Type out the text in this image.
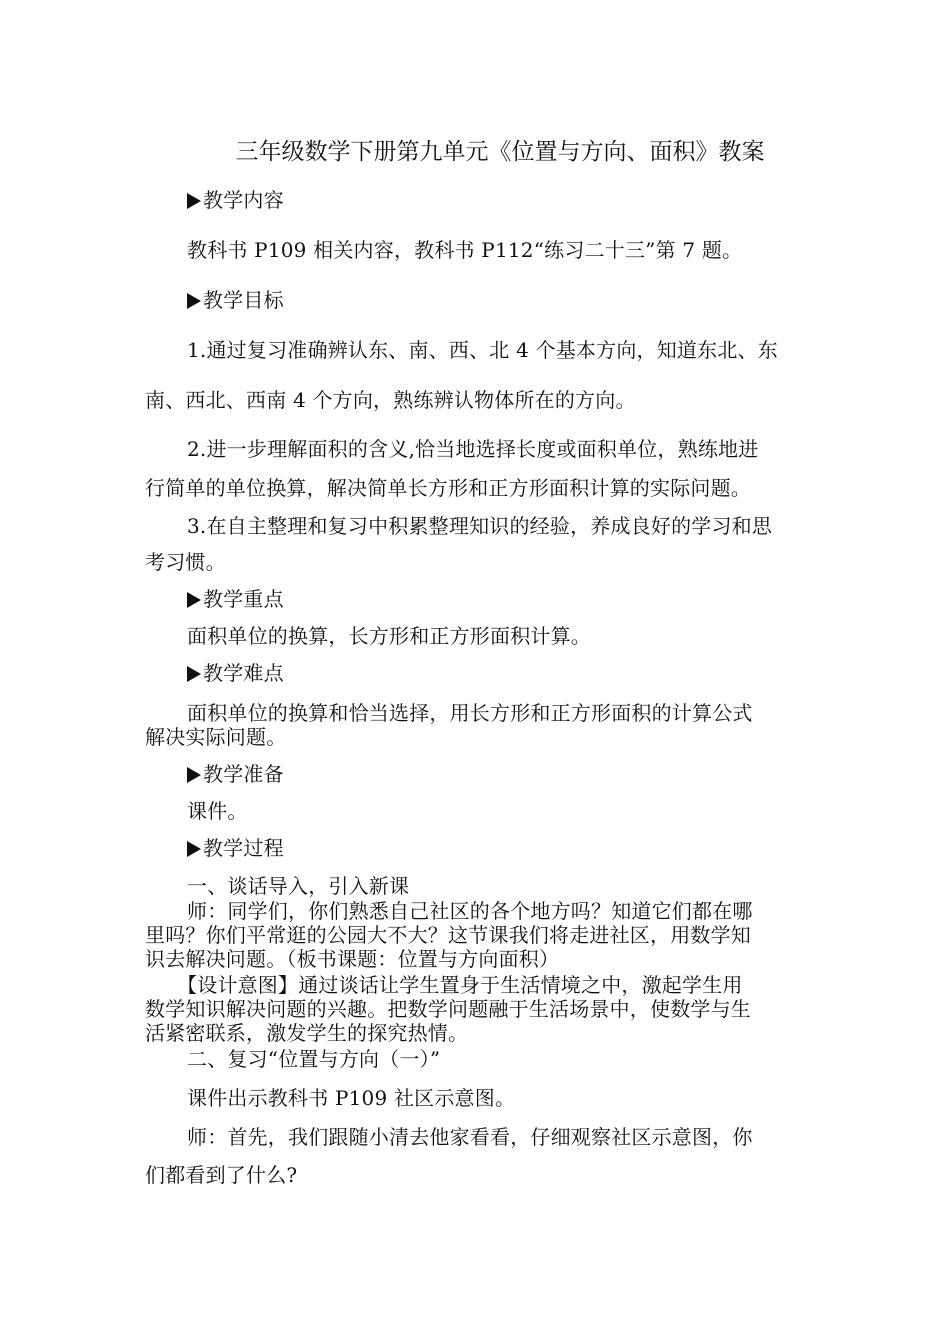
三年级数学下册第九单元《位置与方向、面积》教案
教学内容
教科书 P109 相关内容，教科书 P112“练习二十三”第 7 题。
教学目标
1.通过复习准确辨认东、南、西、北 4 个基本方向，知道东北、东
南、西北、西南 4 个方向，熟练辨认物体所在的方向。
2.进一步理解面积的含义,恰当地选择长度或面积单位，熟练地进
行简单的单位换算，解决简单长方形和正方形面积计算的实际问题。
3.在自主整理和复习中积累整理知识的经验，养成良好的学习和思
考习惯。
教学重点
面积单位的换算，长方形和正方形面积计算。
教学难点
面积单位的换算和恰当选择，用长方形和正方形面积的计算公式
解决实际问题。
教学准备
课件。
教学过程
一、谈话导入，引入新课
师：同学们，你们熟悉自己社区的各个地方吗？知道它们都在哪
里吗？你们平常逛的公园大不大？这节课我们将走进社区，用数学知
识去解决问题。（板书课题：位置与方向面积）
【设计意图】通过谈话让学生置身于生活情境之中，激起学生用
数学知识解决问题的兴趣。把数学问题融于生活场景中，使数学与生
活紧密联系，激发学生的探究热情。
二、复习“位置与方向（一）”
课件出示教科书 P109 社区示意图。
师：首先，我们跟随小清去他家看看，仔细观察社区示意图，你
们都看到了什么?
